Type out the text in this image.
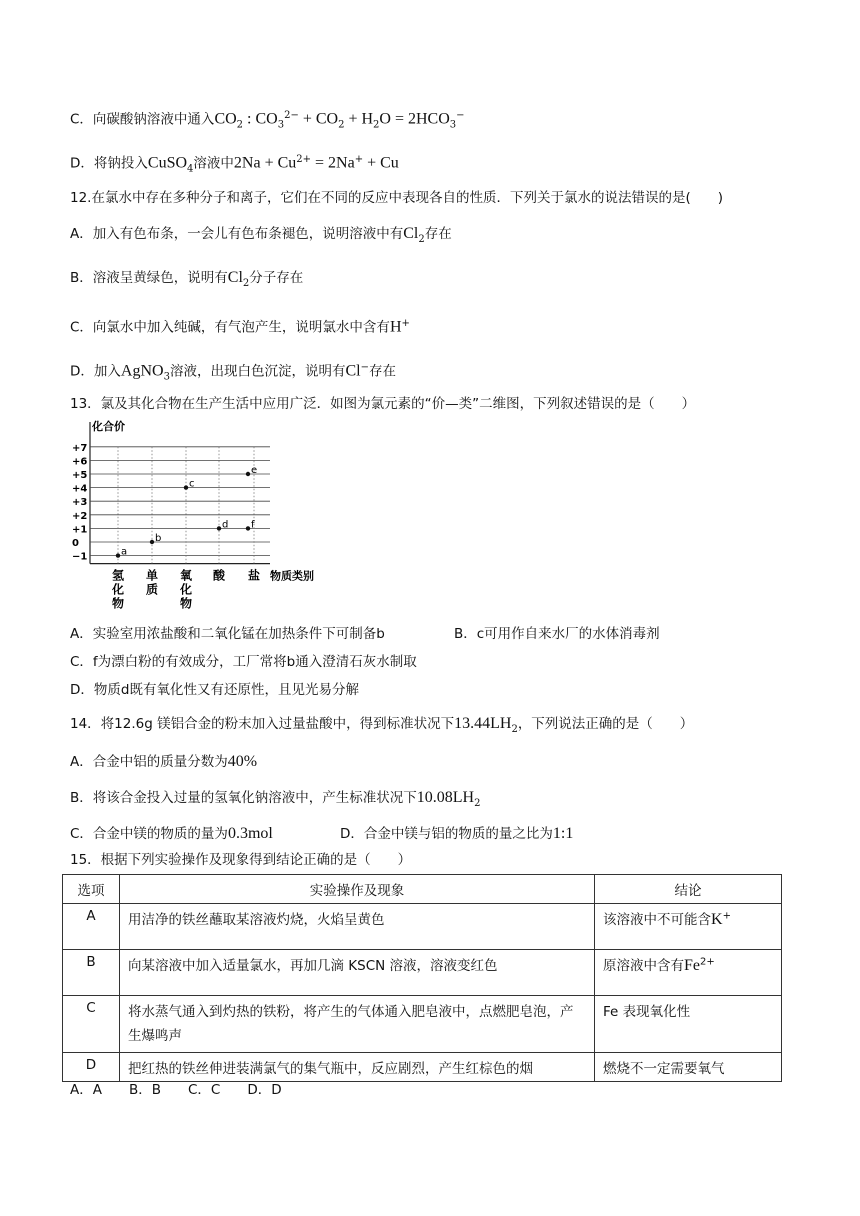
C．向碳酸钠溶液中通入$CO_2$ : $CO_3^{2-} + CO_2 + H_2O = 2HCO_3^-$
D．将钠投入CuSO$_4$溶液中$2Na + Cu^{2+} = 2Na^+ + Cu$
12.在氯水中存在多种分子和离子，它们在不同的反应中表现各自的性质．下列关于氯水的说法错误的是(　　)
A．加入有色布条，一会儿有色布条褪色，说明溶液中有$Cl_2$存在
B．溶液呈黄绿色，说明有$Cl_2$分子存在
C．向氯水中加入纯碱，有气泡产生，说明氯水中含有H+
D．加入AgNO$_3$溶液，出现白色沉淀，说明有Cl−存在
13．氯及其化合物在生产生活中应用广泛．如图为氯元素的“价—类”二维图，下列叙述错误的是（　　）
化合价
+7
+6
+5
+4
+3
+2
+1
0
−1
氢
化
物
单
质
氧
化
物
酸 盐 物质类别
a
b
c
d
e
f
A．实验室用浓盐酸和二氧化锰在加热条件下可制备b	B．c可用作自来水厂的水体消毒剂
C．f为漂白粉的有效成分，工厂常将b通入澄清石灰水制取
D．物质d既有氧化性又有还原性，且见光易分解
14．将12.6g 镁铝合金的粉末加入过量盐酸中，得到标准状况下$13.44LH_2$，下列说法正确的是（　　）
A．合金中铝的质量分数为40%
B．将该合金投入过量的氢氧化钠溶液中，产生标准状况下$10.08LH_2$
C．合金中镁的物质的量为0.3mol	D．合金中镁与铝的物质的量之比为1:1
15．根据下列实验操作及现象得到结论正确的是（　　）
选项	实验操作及现象	结论
A	用洁净的铁丝蘸取某溶液灼烧，火焰呈黄色	该溶液中不可能含K+
B	向某溶液中加入适量氯水，再加几滴 KSCN 溶液，溶液变红色	原溶液中含有$Fe^{2+}$
C	将水蒸气通入到灼热的铁粉，将产生的气体通入肥皂液中，点燃肥皂泡，产生爆鸣声	Fe 表现氧化性
D	把红热的铁丝伸进装满氯气的集气瓶中，反应剧烈，产生红棕色的烟	燃烧不一定需要氧气
A．A　　B．B　　C．C　　D．D
